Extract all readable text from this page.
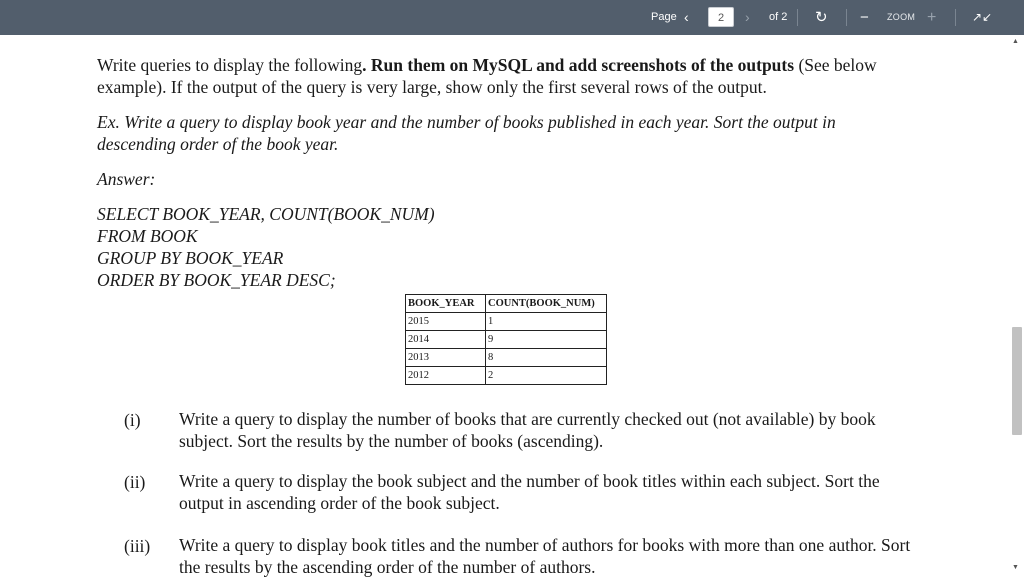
Page ‹	2	› of 2 ↻ − ZOOM +	↗↙
▲
▼
Write queries to display the following. Run them on MySQL and add screenshots of the outputs (See below example). If the output of the query is very large, show only the first several rows of the output.
Ex. Write a query to display book year and the number of books published in each year. Sort the output in descending order of the book year.
Answer:
SELECT BOOK_YEAR, COUNT(BOOK_NUM)
FROM BOOK
GROUP BY BOOK_YEAR
ORDER BY BOOK_YEAR DESC;
BOOK_YEAR	COUNT(BOOK_NUM)
2015	1
2014	9
2013	8
2012	2
(i) Write a query to display the number of books that are currently checked out (not available) by book subject. Sort the results by the number of books (ascending).
(ii) Write a query to display the book subject and the number of book titles within each subject. Sort the output in ascending order of the book subject.
(iii) Write a query to display book titles and the number of authors for books with more than one author. Sort the results by the ascending order of the number of authors.
